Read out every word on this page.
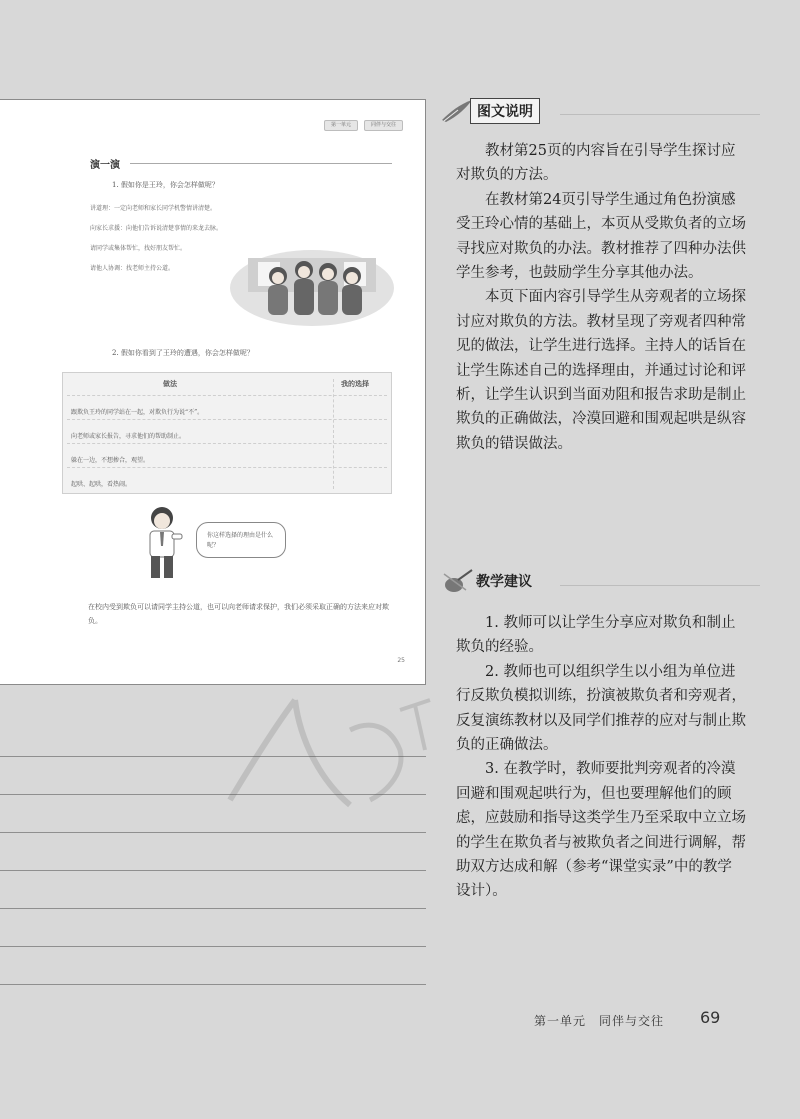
第一单元	同伴与交往
演一演
1. 假如你是王玲，你会怎样做呢？
讲道理：一定向老师和家长同学机警情讲清楚。
向家长求援：向他们告诉说清楚事情的来龙去脉。
请同学或集体帮忙，找好朋友帮忙。
请他人协调：找老师主持公道。
2. 假如你看到了王玲的遭遇，你会怎样做呢？
做法	我的选择
跟欺负王玲的同学站在一起，对欺负行为说“不”。
向老师或家长报告，寻求他们的帮助制止。
躲在一边，不想掺合，观望。
起哄、起哄，看热闹。
你这样选择的理由是什么呢？
在校内受到欺负可以请同学主持公道，也可以向老师请求保护，我们必须采取正确的方法来应对欺负。
25
图文说明

教材第25页的内容旨在引导学生探讨应对欺负的方法。

在教材第24页引导学生通过角色扮演感受王玲心情的基础上，本页从受欺负者的立场寻找应对欺负的办法。教材推荐了四种办法供学生参考，也鼓励学生分享其他办法。

本页下面内容引导学生从旁观者的立场探讨应对欺负的方法。教材呈现了旁观者四种常见的做法，让学生进行选择。主持人的话旨在让学生陈述自己的选择理由，并通过讨论和评析，让学生认识到当面劝阻和报告求助是制止欺负的正确做法，冷漠回避和围观起哄是纵容欺负的错误做法。

教学建议

1. 教师可以让学生分享应对欺负和制止欺负的经验。

2. 教师也可以组织学生以小组为单位进行反欺负模拟训练，扮演被欺负者和旁观者，反复演练教材以及同学们推荐的应对与制止欺负的正确做法。

3. 在教学时，教师要批判旁观者的冷漠回避和围观起哄行为，但也要理解他们的顾虑，应鼓励和指导这类学生乃至采取中立立场的学生在欺负者与被欺负者之间进行调解，帮助双方达成和解（参考“课堂实录”中的教学设计）。

第一单元　同伴与交往 69
